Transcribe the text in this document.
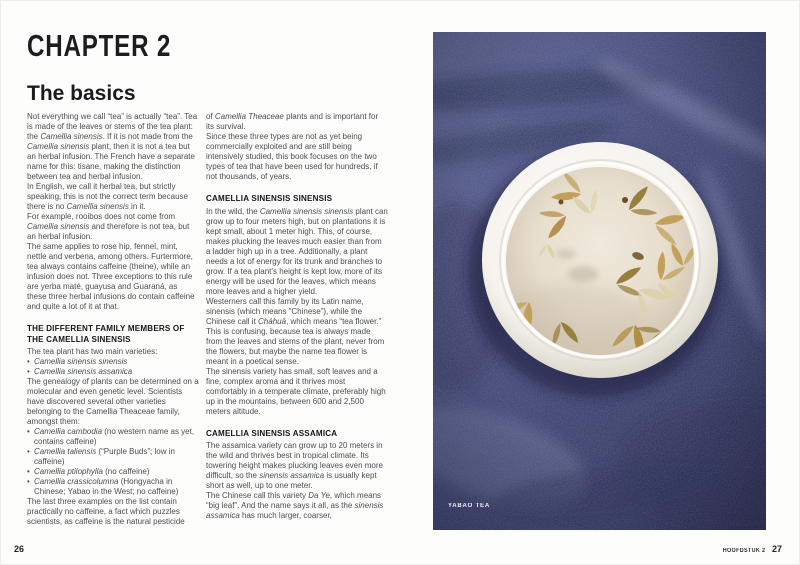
CHAPTER 2
The basics

Not everything we call “tea” is actually “tea”. Tea is made of the leaves or stems of the tea plant: the Camellia sinensis. If it is not made from the Camellia sinensis plant, then it is not a tea but an herbal infusion. The French have a separate name for this: tisane, making the distinction between tea and herbal infusion.

In English, we call it herbal tea, but strictly speaking, this is not the correct term because there is no Camellia sinensis in it.

For example, rooibos does not come from Camellia sinensis and therefore is not tea, but an herbal infusion.

The same applies to rose hip, fennel, mint, nettle and verbena, among others. Furtermore, tea always contains caffeine (theine), while an infusion does not. Three exceptions to this rule are yerba maté, guayusa and Guaraná, as these three herbal infusions do contain caffeine and quite a lot of it at that.

THE DIFFERENT FAMILY MEMBERS OF THE CAMELLIA SINENSIS

The tea plant has two main varieties:

• Camellia sinensis sinensis
• Camellia sinensis assamica

The genealogy of plants can be determined on a molecular and even genetic level. Scientists have discovered several other varieties belonging to the Camellia Theaceae family, amongst them:

• Camellia cambodia (no western name as yet, contains caffeine)
• Camellia taliensis (“Purple Buds”; low in caffeine)
• Camellia ptilophylla (no caffeine)
• Camellia crassicolumna (Hongyacha in Chinese; Yabao in the West; no caffeine)

The last three examples on the list contain practically no caffeine, a fact which puzzles scientists, as caffeine is the natural pesticide

of Camellia Theaceae plants and is important for its survival.

Since these three types are not as yet being commercially exploited and are still being intensively studied, this book focuses on the two types of tea that have been used for hundreds, if not thousands, of years.

CAMELLIA SINENSIS SINENSIS

In the wild, the Camellia sinensis sinensis plant can grow up to four meters high, but on plantations it is kept small, about 1 meter high. This, of course, makes plucking the leaves much easier than from a ladder high up in a tree. Additionally, a plant needs a lot of energy for its trunk and branches to grow. If a tea plant’s height is kept low, more of its energy will be used for the leaves, which means more leaves and a higher yield.

Westerners call this family by its Latin name, sinensis (which means “Chinese”), while the Chinese call it Cháhuā, which means “tea flower.” This is confusing, because tea is always made from the leaves and stems of the plant, never from the flowers, but maybe the name tea flower is meant in a poetical sense.

The sinensis variety has small, soft leaves and a fine, complex aroma and it thrives most comfortably in a temperate climate, preferably high up in the mountains, between 600 and 2,500 meters altitude.

CAMELLIA SINENSIS ASSAMICA

The assamica variety can grow up to 20 meters in the wild and thrives best in tropical climate. Its towering height makes plucking leaves even more difficult, so the sinensis assamica is usually kept short as well, up to one meter.

The Chinese call this variety Da Ye, which means “big leaf”. And the name says it all, as the sinensis assamica has much larger, coarser,

26
YABAO TEA
HOOFDSTUK 2 27
